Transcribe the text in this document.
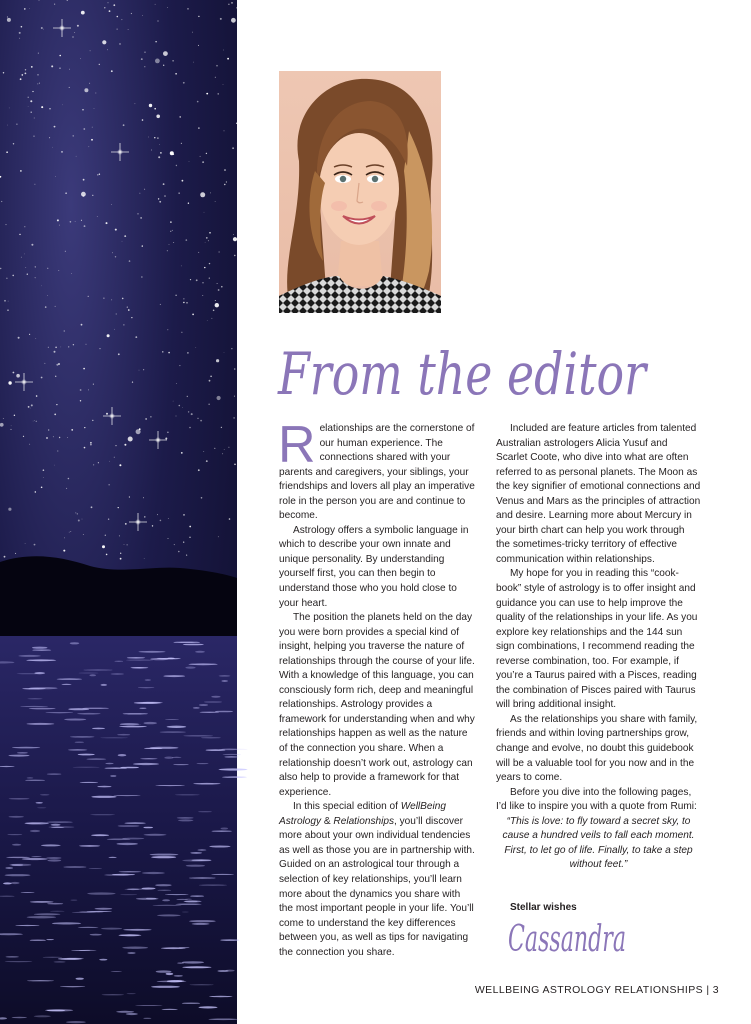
From the editor

Relationships are the cornerstone of our human experience. The connections shared with your parents and caregivers, your siblings, your friendships and lovers all play an imperative role in the person you are and continue to become.

Astrology offers a symbolic language in which to describe your own innate and unique personality. By understanding yourself first, you can then begin to understand those who you hold close to your heart.

The position the planets held on the day you were born provides a special kind of insight, helping you traverse the nature of relationships through the course of your life. With a knowledge of this language, you can consciously form rich, deep and meaningful relationships. Astrology provides a framework for understanding when and why relationships happen as well as the nature of the connection you share. When a relationship doesn’t work out, astrology can also help to provide a framework for that experience.

In this special edition of WellBeing Astrology & Relationships, you’ll discover more about your own individual tendencies as well as those you are in partnership with. Guided on an astrological tour through a selection of key relationships, you’ll learn more about the dynamics you share with the most important people in your life. You’ll come to understand the key differences between you, as well as tips for navigating the connection you share.

Included are feature articles from talented Australian astrologers Alicia Yusuf and Scarlet Coote, who dive into what are often referred to as personal planets. The Moon as the key signifier of emotional connections and Venus and Mars as the principles of attraction and desire. Learning more about Mercury in your birth chart can help you work through the sometimes-tricky territory of effective communication within relationships.

My hope for you in reading this “cook-book” style of astrology is to offer insight and guidance you can use to help improve the quality of the relationships in your life. As you explore key relationships and the 144 sun sign combinations, I recommend reading the reverse combination, too. For example, if you’re a Taurus paired with a Pisces, reading the combination of Pisces paired with Taurus will bring additional insight.

As the relationships you share with family, friends and within loving partnerships grow, change and evolve, no doubt this guidebook will be a valuable tool for you now and in the years to come.

Before you dive into the following pages, I’d like to inspire you with a quote from Rumi:

“This is love: to fly toward a secret sky, to cause a hundred veils to fall each moment. First, to let go of life. Finally, to take a step without feet.”

Stellar wishes
Cassandra
WELLBEING ASTROLOGY RELATIONSHIPS | 3
